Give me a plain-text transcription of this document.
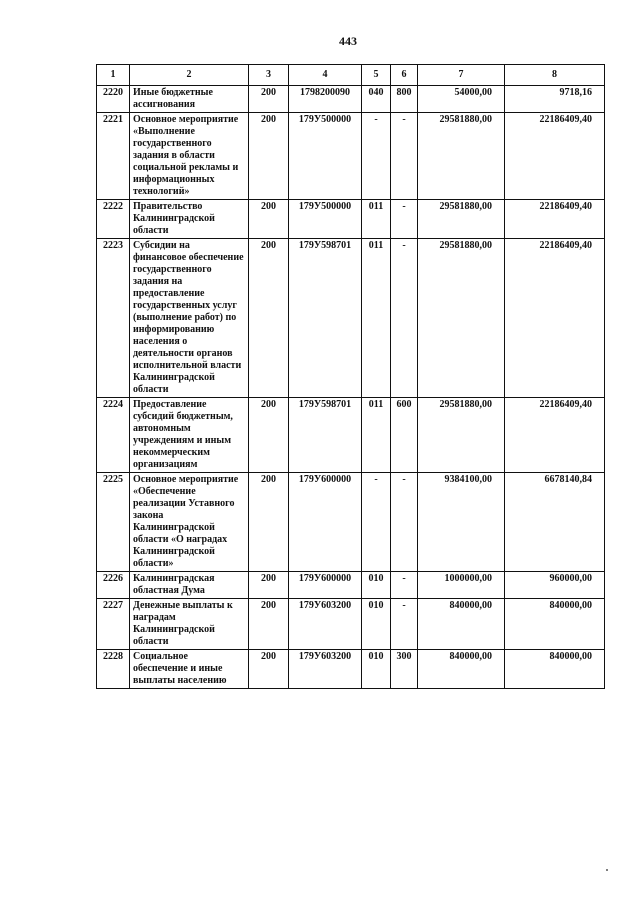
443
1	2	3	4	5	6	7	8
2220	Иные бюджетные ассигнования	200	1798200090	040	800	54000,00	9718,16
2221	Основное мероприятие «Выполнение государственного задания в области социальной рекламы и информационных технологий»	200	179У500000	-	-	29581880,00	22186409,40
2222	Правительство Калининградской области	200	179У500000	011	-	29581880,00	22186409,40
2223	Субсидии на финансовое обеспечение государственного задания на предоставление государственных услуг (выполнение работ) по информированию населения о деятельности органов исполнительной власти Калининградской области	200	179У598701	011	-	29581880,00	22186409,40
2224	Предоставление субсидий бюджетным, автономным учреждениям и иным некоммерческим организациям	200	179У598701	011	600	29581880,00	22186409,40
2225	Основное мероприятие «Обеспечение реализации Уставного закона Калининградской области «О наградах Калининградской области»	200	179У600000	-	-	9384100,00	6678140,84
2226	Калининградская областная Дума	200	179У600000	010	-	1000000,00	960000,00
2227	Денежные выплаты к наградам Калининградской области	200	179У603200	010	-	840000,00	840000,00
2228	Социальное обеспечение и иные выплаты населению	200	179У603200	010	300	840000,00	840000,00
